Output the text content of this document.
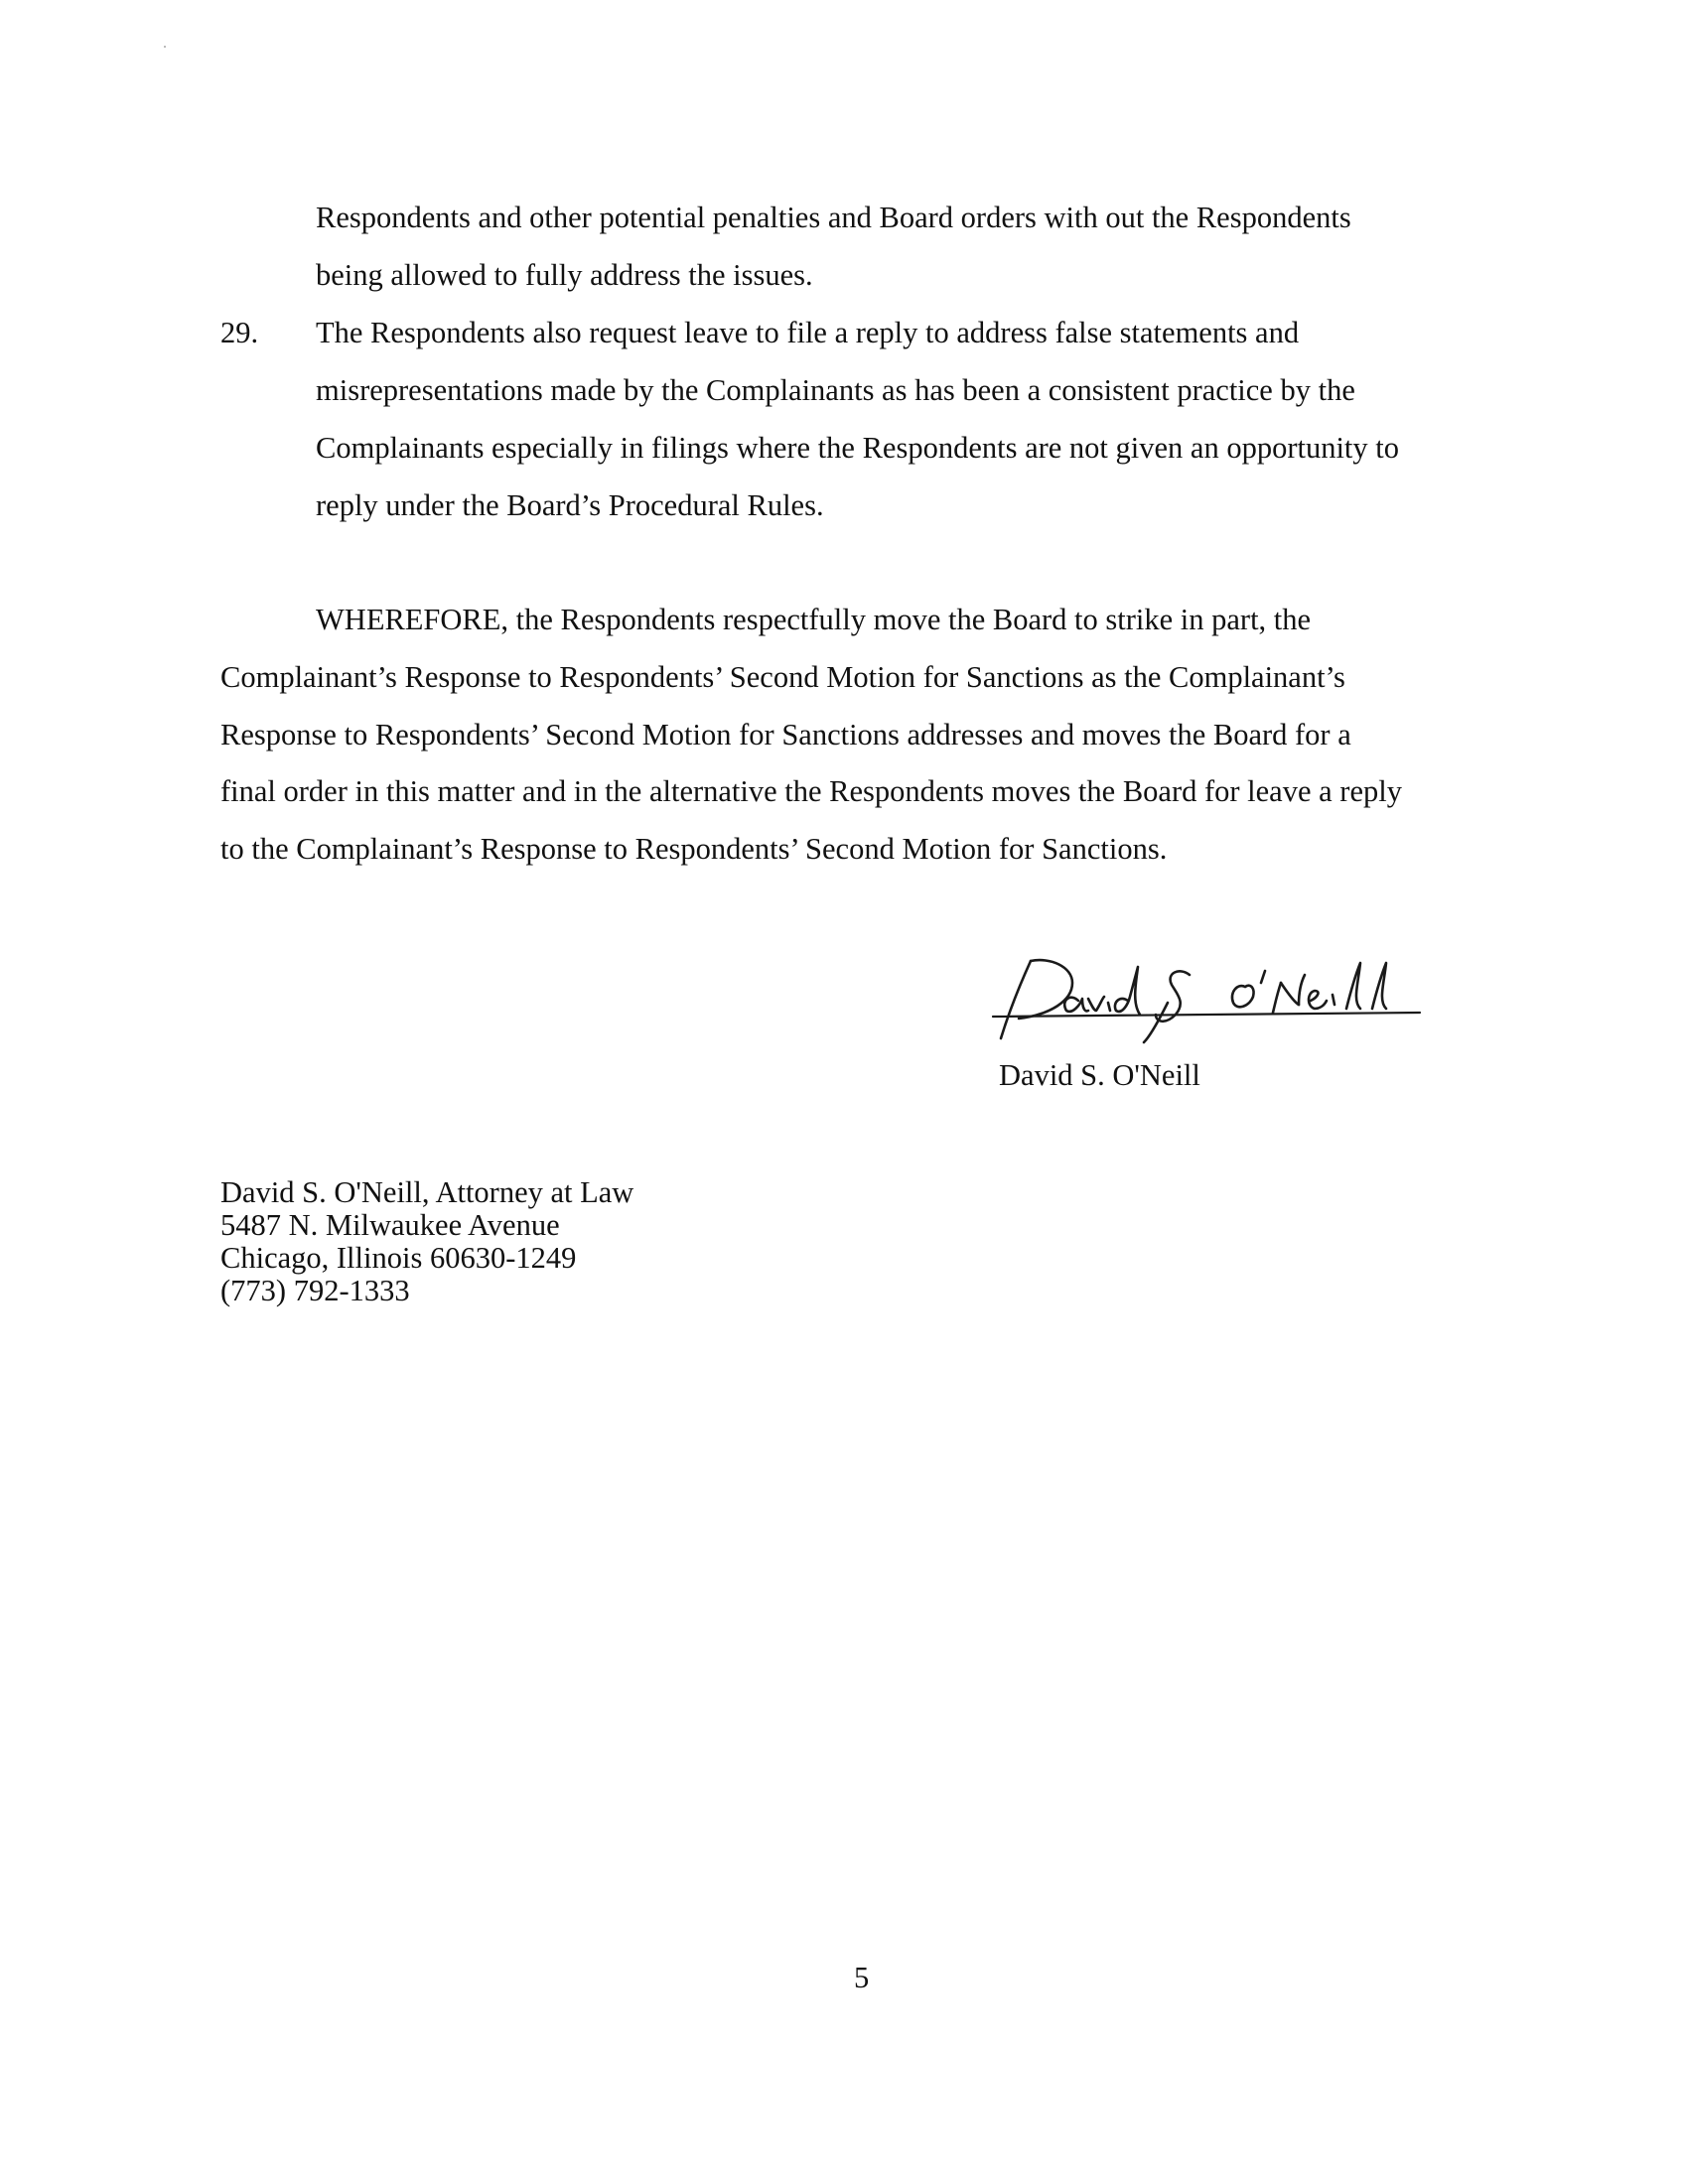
Respondents and other potential penalties and Board orders with out the Respondents
being allowed to fully address the issues.
29. The Respondents also request leave to file a reply to address false statements and
misrepresentations made by the Complainants as has been a consistent practice by the
Complainants especially in filings where the Respondents are not given an opportunity to
reply under the Board’s Procedural Rules.
WHEREFORE, the Respondents respectfully move the Board to strike in part, the
Complainant’s Response to Respondents’ Second Motion for Sanctions as the Complainant’s
Response to Respondents’ Second Motion for Sanctions addresses and moves the Board for a
final order in this matter and in the alternative the Respondents moves the Board for leave a reply
to the Complainant’s Response to Respondents’ Second Motion for Sanctions.
David S. O'Neill
David S. O'Neill, Attorney at Law
5487 N. Milwaukee Avenue
Chicago, Illinois 60630-1249
(773) 792-1333
5
